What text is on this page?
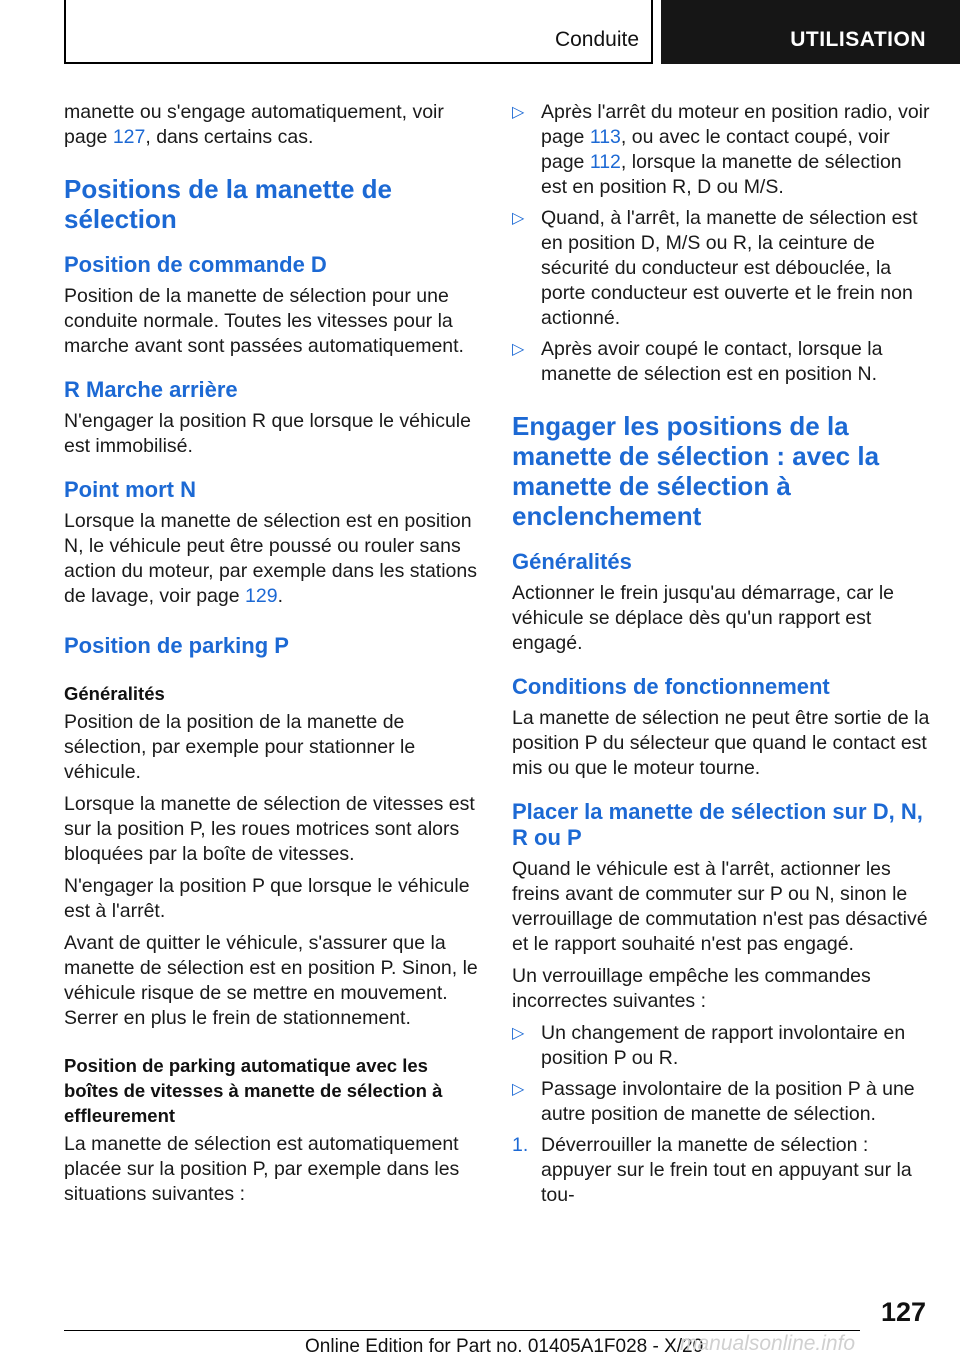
Conduite	UTILISATION

manette ou s'engage automatiquement, voir page 127, dans certains cas.

Positions de la manette de sélection
Position de commande D

Position de la manette de sélection pour une conduite normale. Toutes les vitesses pour la marche avant sont passées automatiquement.

R Marche arrière

N'engager la position R que lorsque le véhicule est immobilisé.

Point mort N

Lorsque la manette de sélection est en position N, le véhicule peut être poussé ou rouler sans action du moteur, par exemple dans les stations de lavage, voir page 129.

Position de parking P
Généralités

Position de la position de la manette de sélection, par exemple pour stationner le véhicule.

Lorsque la manette de sélection de vitesses est sur la position P, les roues motrices sont alors bloquées par la boîte de vitesses.

N'engager la position P que lorsque le véhicule est à l'arrêt.

Avant de quitter le véhicule, s'assurer que la manette de sélection est en position P. Sinon, le véhicule risque de se mettre en mouvement. Serrer en plus le frein de stationnement.

Position de parking automatique avec les boîtes de vitesses à manette de sélection à effleurement

La manette de sélection est automatiquement placée sur la position P, par exemple dans les situations suivantes :

▷ Après l'arrêt du moteur en position radio, voir page 113, ou avec le contact coupé, voir page 112, lorsque la manette de sélection est en position R, D ou M/S.
▷ Quand, à l'arrêt, la manette de sélection est en position D, M/S ou R, la ceinture de sécurité du conducteur est débouclée, la porte conducteur est ouverte et le frein non actionné.
▷ Après avoir coupé le contact, lorsque la manette de sélection est en position N.
Engager les positions de la manette de sélection : avec la manette de sélection à enclenchement
Généralités

Actionner le frein jusqu'au démarrage, car le véhicule se déplace dès qu'un rapport est engagé.

Conditions de fonctionnement

La manette de sélection ne peut être sortie de la position P du sélecteur que quand le contact est mis ou que le moteur tourne.

Placer la manette de sélection sur D, N, R ou P

Quand le véhicule est à l'arrêt, actionner les freins avant de commuter sur P ou N, sinon le verrouillage de commutation n'est pas désactivé et le rapport souhaité n'est pas engagé.

Un verrouillage empêche les commandes incorrectes suivantes :

▷ Un changement de rapport involontaire en position P ou R.
▷ Passage involontaire de la position P à une autre position de manette de sélection.
1. Déverrouiller la manette de sélection : appuyer sur le frein tout en appuyant sur la tou-
127
Online Edition for Part no. 01405A1F028 - X/20
manualsonline.info
